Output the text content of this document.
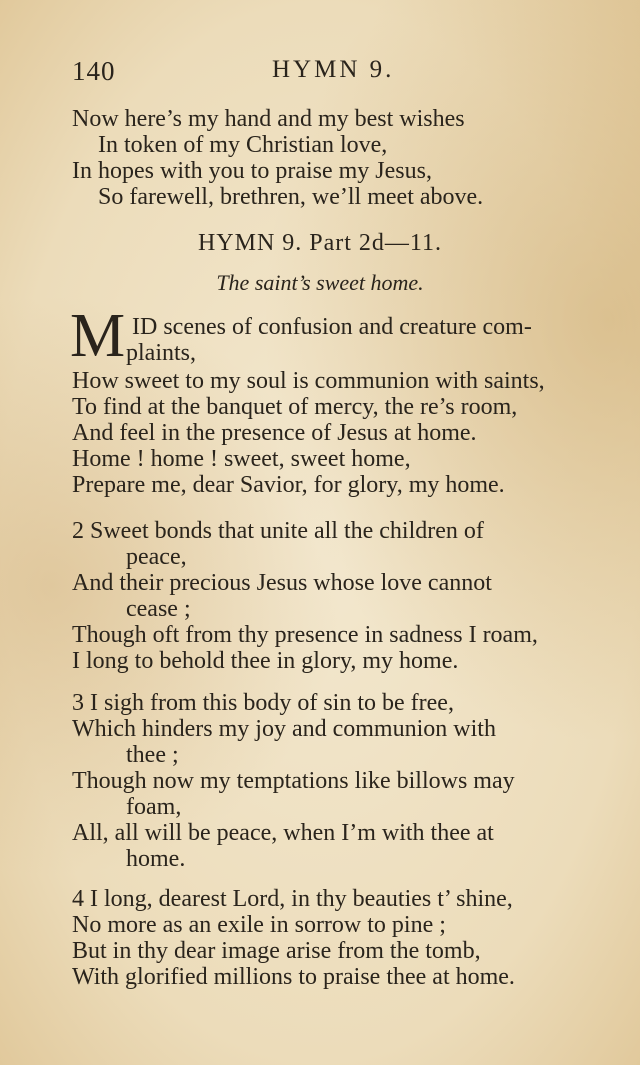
140	HYMN 9.
Now here’s my hand and my best wishes
In token of my Christian love,
In hopes with you to praise my Jesus,
So farewell, brethren, we’ll meet above.
HYMN 9. Part 2d—11.
The saint’s sweet home.
M ID scenes of confusion and creature com-
plaints,
How sweet to my soul is communion with saints,
To find at the banquet of mercy, the re’s room,
And feel in the presence of Jesus at home.
Home ! home ! sweet, sweet home,
Prepare me, dear Savior, for glory, my home.
2 Sweet bonds that unite all the children of
peace,
And their precious Jesus whose love cannot
cease ;
Though oft from thy presence in sadness I roam,
I long to behold thee in glory, my home.
3 I sigh from this body of sin to be free,
Which hinders my joy and communion with
thee ;
Though now my temptations like billows may
foam,
All, all will be peace, when I’m with thee at
home.
4 I long, dearest Lord, in thy beauties t’ shine,
No more as an exile in sorrow to pine ;
But in thy dear image arise from the tomb,
With glorified millions to praise thee at home.
